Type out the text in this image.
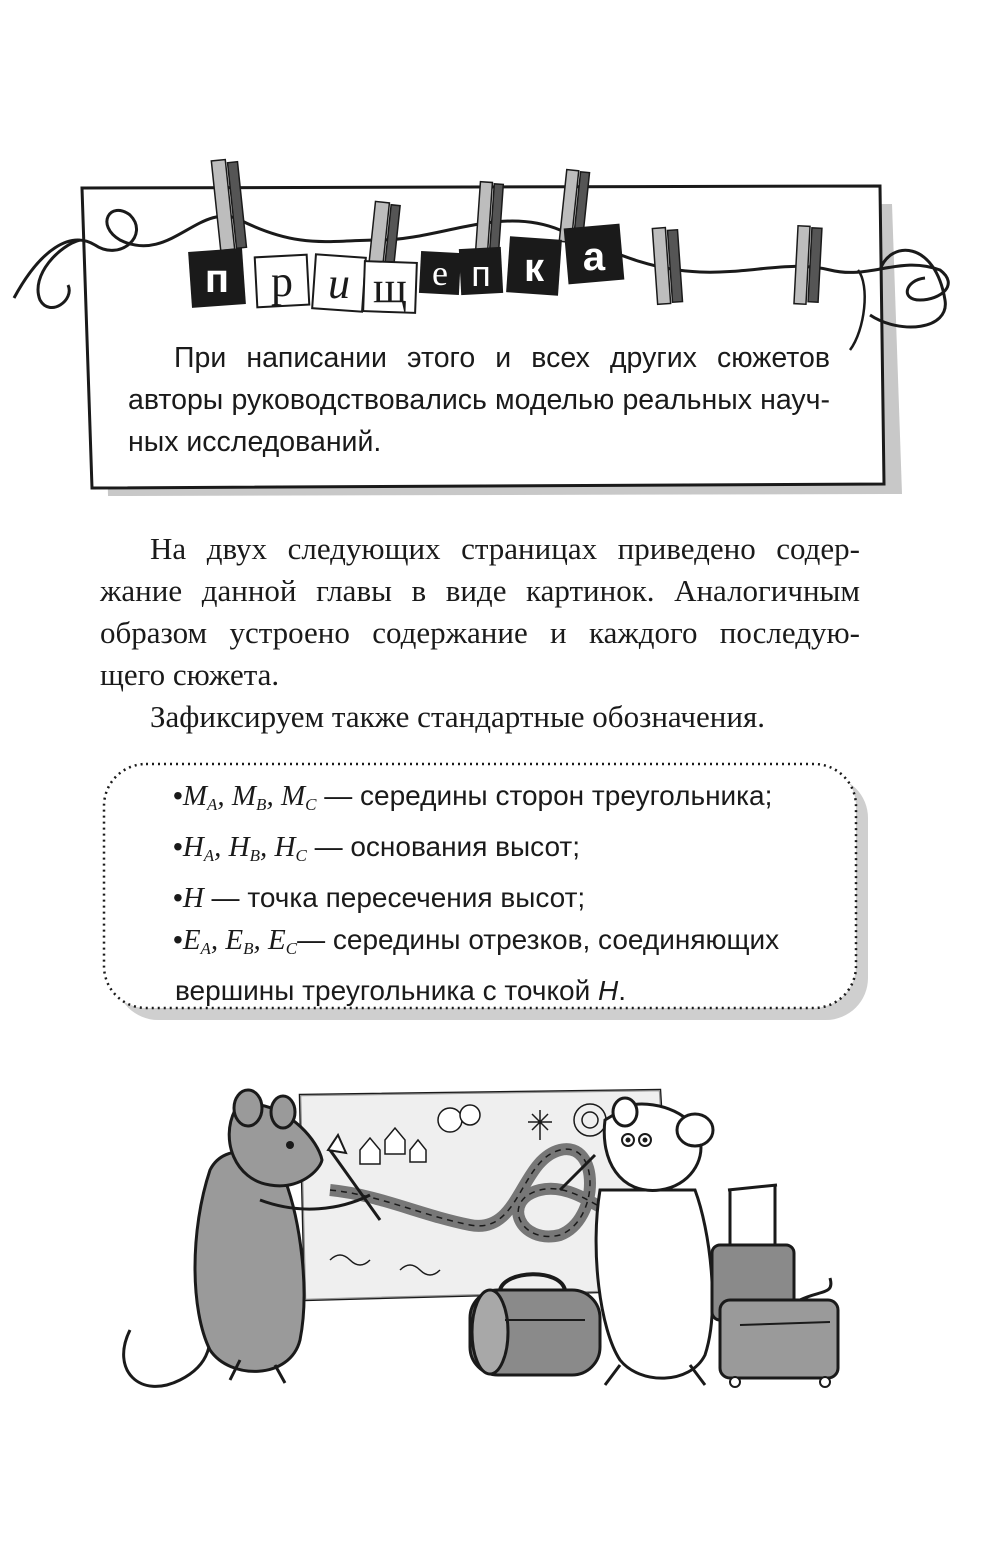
п р и щ е п к а
При написании этого и всех других сюжетов
авторы руководствовались моделью реальных науч-
ных исследований.
На двух следующих страницах приведено содер-
жание данной главы в виде картинок. Аналогичным
образом устроено содержание и каждого последую-
щего сюжета.
Зафиксируем также стандартные обозначения.
$•M_A$, $M_B$, $M_C$ — середины сторон треугольника;
$•H_A$, $H_B$, $H_C$ — основания высот;
•H — точка пересечения высот;
$•E_A$, $E_B$, $E_C—$ середины отрезков, соединяющих
вершины треугольника с точкой H.
